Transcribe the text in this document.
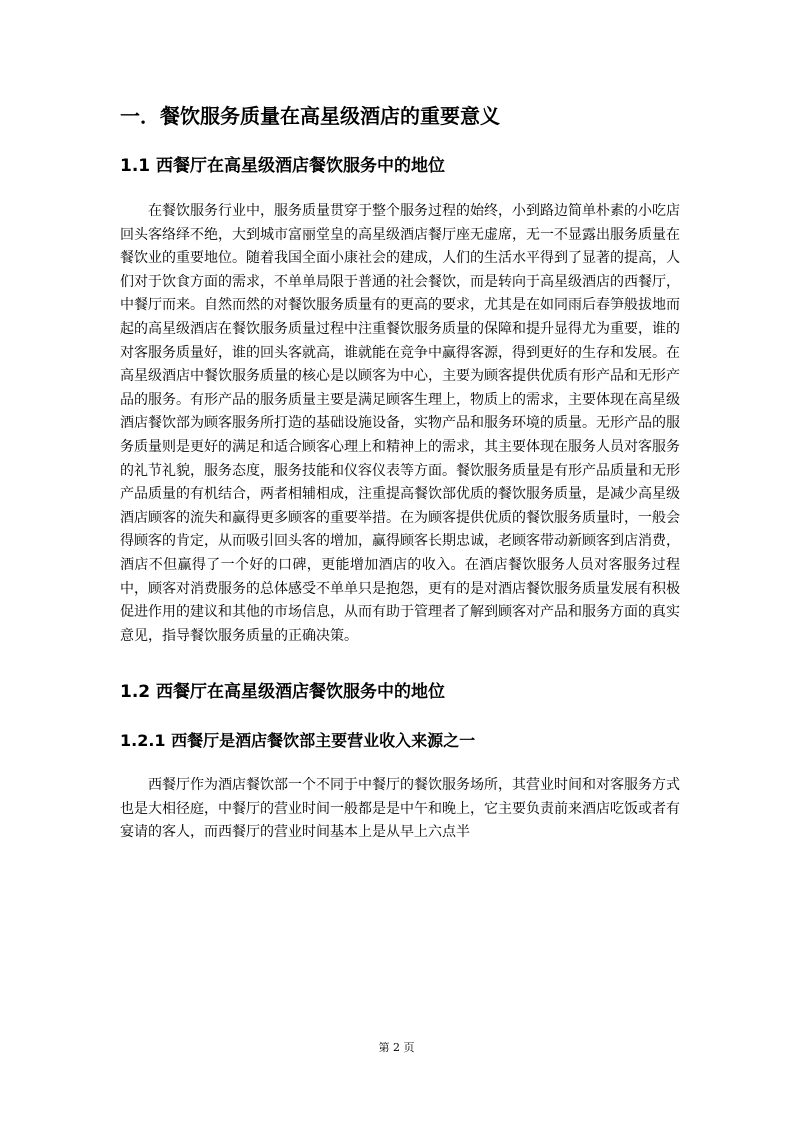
一．餐饮服务质量在高星级酒店的重要意义
1.1 西餐厅在高星级酒店餐饮服务中的地位

在餐饮服务行业中，服务质量贯穿于整个服务过程的始终，小到路边简单朴素的小吃店回头客络绎不绝，大到城市富丽堂皇的高星级酒店餐厅座无虚席，无一不显露出服务质量在餐饮业的重要地位。随着我国全面小康社会的建成，人们的生活水平得到了显著的提高，人们对于饮食方面的需求，不单单局限于普通的社会餐饮，而是转向于高星级酒店的西餐厅，中餐厅而来。自然而然的对餐饮服务质量有的更高的要求，尤其是在如同雨后春笋般拔地而起的高星级酒店在餐饮服务质量过程中注重餐饮服务质量的保障和提升显得尤为重要，谁的对客服务质量好，谁的回头客就高，谁就能在竞争中赢得客源，得到更好的生存和发展。在高星级酒店中餐饮服务质量的核心是以顾客为中心，主要为顾客提供优质有形产品和无形产品的服务。有形产品的服务质量主要是满足顾客生理上，物质上的需求，主要体现在高星级酒店餐饮部为顾客服务所打造的基础设施设备，实物产品和服务环境的质量。无形产品的服务质量则是更好的满足和适合顾客心理上和精神上的需求，其主要体现在服务人员对客服务的礼节礼貌，服务态度，服务技能和仪容仪表等方面。餐饮服务质量是有形产品质量和无形产品质量的有机结合，两者相辅相成，注重提高餐饮部优质的餐饮服务质量，是减少高星级酒店顾客的流失和赢得更多顾客的重要举措。在为顾客提供优质的餐饮服务质量时，一般会得顾客的肯定，从而吸引回头客的增加，赢得顾客长期忠诚，老顾客带动新顾客到店消费，酒店不但赢得了一个好的口碑，更能增加酒店的收入。在酒店餐饮服务人员对客服务过程中，顾客对消费服务的总体感受不单单只是抱怨，更有的是对酒店餐饮服务质量发展有积极促进作用的建议和其他的市场信息，从而有助于管理者了解到顾客对产品和服务方面的真实意见，指导餐饮服务质量的正确决策。

1.2 西餐厅在高星级酒店餐饮服务中的地位
1.2.1 西餐厅是酒店餐饮部主要营业收入来源之一

西餐厅作为酒店餐饮部一个不同于中餐厅的餐饮服务场所，其营业时间和对客服务方式也是大相径庭，中餐厅的营业时间一般都是是中午和晚上，它主要负责前来酒店吃饭或者有宴请的客人，而西餐厅的营业时间基本上是从早上六点半

第 2 页
